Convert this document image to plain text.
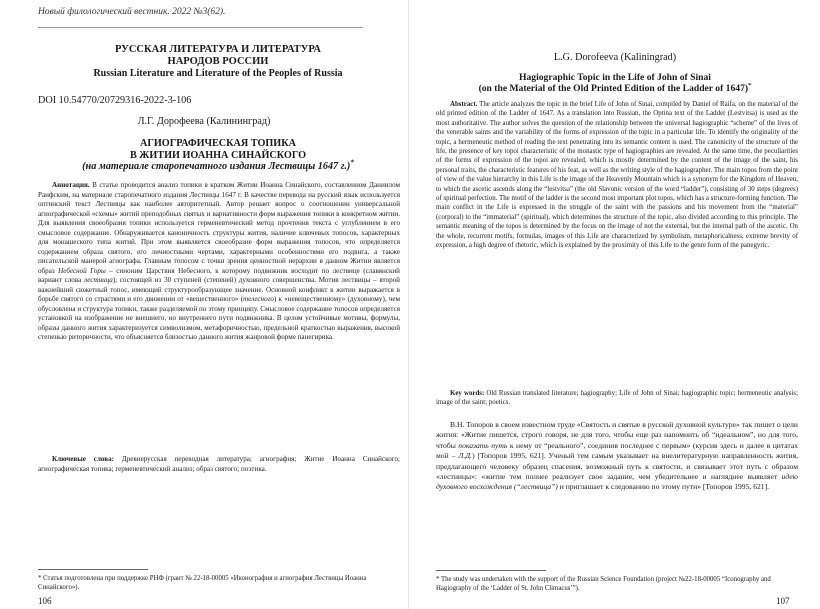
Новый филологический вестник. 2022 №3(62).
РУССКАЯ ЛИТЕРАТУРА И ЛИТЕРАТУРА
НАРОДОВ РОССИИ
Russian Literature and Literature of the Peoples of Russia
DOI 10.54770/20729316-2022-3-106
Л.Г. Дорофеева (Калининград)
АГИОГРАФИЧЕСКАЯ ТОПИКА
В ЖИТИИ ИОАННА СИНАЙСКОГО
(на материале старопечатного издания Лествицы 1647 г.)*

Аннотация. В статье проводится анализ топики в кратком Житии Иоанна Синайского, составленном Даниилом Раифским, на материале старопечатного издания Лествицы 1647 г. В качестве перевода на русский язык используется оптинский текст Лествицы как наиболее авторитетный. Автор решает вопрос о соотношении универсальной агиографической «схемы» житий преподобных святых и вариативности форм выражения топики в конкретном житии. Для выявления своеобразия топики используется герменевтический метод прочтения текста с углублением в его смысловое содержание. Обнаруживается каноничность структуры жития, наличие ключевых топосов, характерных для монашеского типа житий. При этом выявляется своеобразие форм выражения топосов, что определяется содержанием образа святого, его личностными чертами, характерными особенностями его подвига, а также писательской манерой агиографа. Главным топосом с точки зрения ценностной иерархии в данном Житии является образ Небесной Горы – синоним Царствия Небесного, к которому подвижник восходит по лествице (славянский вариант слова лестница), состоящей из 30 ступеней (степеней) духовного совершенства. Мотив лествицы – второй важнейший сюжетный топос, имеющий структурообразующее значение. Основной конфликт в житии выражается в борьбе святого со страстями и его движении от «вещественного» (телесного) к «невещественному» (духовному), чем обусловлена и структура топики, также разделяемой по этому принципу. Смысловое содержание топосов определяется установкой на изображение не внешнего, но внутреннего пути подвижника. В целом устойчивые мотивы, формулы, образы данного жития характеризуется символизмом, метафоричностью, предельной краткостью выражения, высокой степенью риторичности, что объясняется близостью данного жития жанровой форме панегирика.

Ключевые слова: Древнерусская переводная литература; агиография; Житие Иоанна Синайского; агиографическая топика; герменевтический анализ; образ святого; поэтика.

* Статья подготовлена при поддержке РНФ (грант № 22-18-00005 «Иконография и агиография Лествицы Иоанна Синайского»).
106
L.G. Dorofeeva (Kaliningrad)
Hagiographic Topic in the Life of John of Sinai
(on the Material of the Old Printed Edition of the Ladder of 1647)*

Abstract. The article analyzes the topic in the brief Life of John of Sinai, compiled by Daniel of Raifa, on the material of the old printed edition of the Ladder of 1647. As a translation into Russian, the Optina text of the Ladder (Lestvitsa) is used as the most authoritative. The author solves the question of the relationship between the universal hagiographic “scheme” of the lives of the venerable saints and the variability of the forms of expression of the topic in a particular life. To identify the originality of the topic, a hermeneutic method of reading the text penetrating into its semantic content is used. The canonicity of the structure of the life, the presence of key topoi characteristic of the monastic type of hagiographies are revealed. At the same time, the peculiarities of the forms of expression of the topoi are revealed, which is mostly determined by the content of the image of the saint, his personal traits, the characteristic features of his feat, as well as the writing style of the hagiographer. The main topos from the point of view of the value hierarchy in this Life is the image of the Heavenly Mountain which is a synonym for the Kingdom of Heaven, to which the ascetic ascends along the “lestvitsa” (the old Slavonic version of the word “ladder”), consisting of 30 steps (degrees) of spiritual perfection. The motif of the ladder is the second most important plot topos, which has a structure-forming function. The main conflict in the Life is expressed in the struggle of the saint with the passions and his movement from the “material” (corporal) to the “immaterial” (spiritual), which determines the structure of the topic, also divided according to this principle. The semantic meaning of the topos is determined by the focus on the image of not the external, but the internal path of the ascetic. On the whole, recurrent motifs, formulas, images of this Life are characterized by symbolism, metaphoricalness, extreme brevity of expression, a high degree of rhetoric, which is explained by the proximity of this Life to the genre form of the panegyric.

Key words: Old Russian translated literature; hagiography; Life of John of Sinai; hagiographic topic; hermeneutic analysis; image of the saint; poetics.

В.Н. Топоров в своем известном труде «Святость и святые в русской духовной культуре» так пишет о цели жития: «Житие пишется, строго говоря, не для того, чтобы еще раз напомнить об “идеальном”, но для того, чтобы показать путь к нему от “реального”, соединив последнее с первым» (курсив здесь и далее в цитатах мой – Л.Д.) [Топоров 1995, 621]. Ученый тем самым указывает на внелитературную направленность жития, предлагающего человеку образец спасения, возможный путь к святости, и связывает этот путь с образом «лестницы»: «житие тем полнее реализует свое задание, чем убедительнее и нагляднее выявляет идею духовного восхождения (“лествица”) и приглашает к следованию по этому пути» [Топоров 1995, 621].

* The study was undertaken with the support of the Russian Science Foundation (project №22-18-00005 “Iconography and Hagiography of the ‘Ladder of St. John Climacus’”).
107
